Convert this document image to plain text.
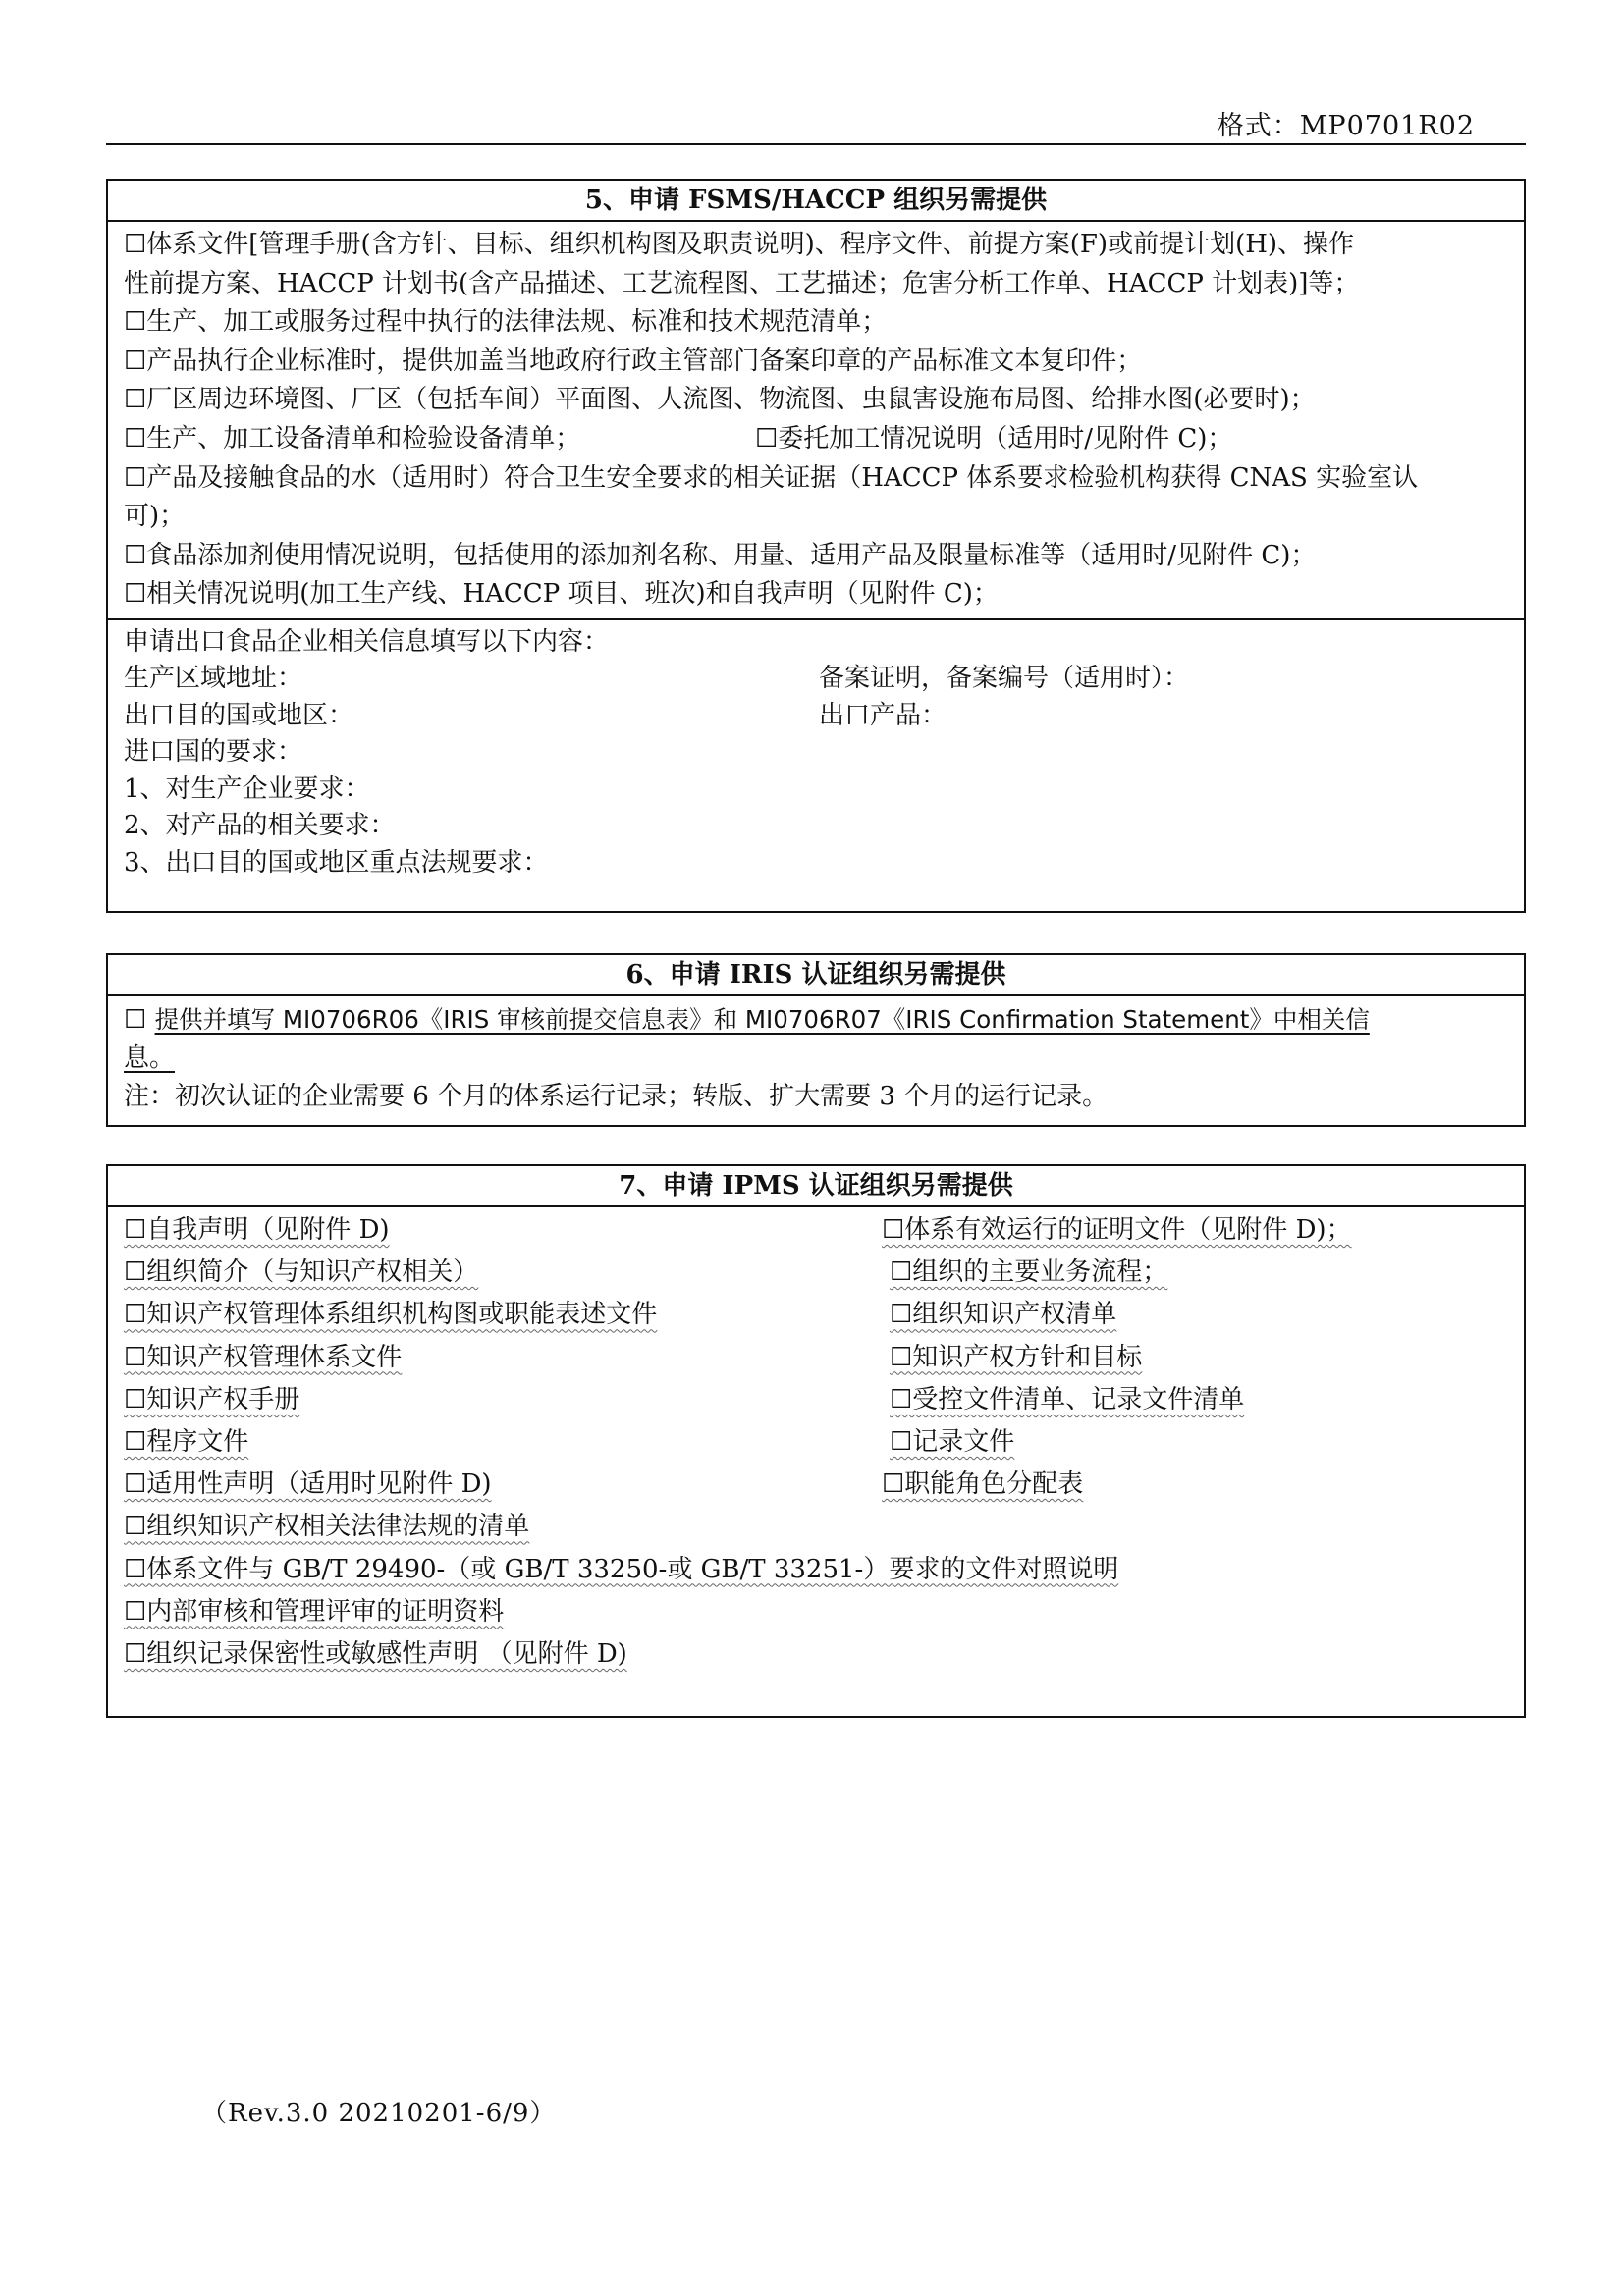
格式：MP0701R02
5、申请 FSMS/HACCP 组织另需提供
☐体系文件[管理手册(含方针、目标、组织机构图及职责说明)、程序文件、前提方案(F)或前提计划(H)、操作
性前提方案、HACCP 计划书(含产品描述、工艺流程图、工艺描述；危害分析工作单、HACCP 计划表)]等；
☐生产、加工或服务过程中执行的法律法规、标准和技术规范清单；
☐产品执行企业标准时，提供加盖当地政府行政主管部门备案印章的产品标准文本复印件；
☐厂区周边环境图、厂区（包括车间）平面图、人流图、物流图、虫鼠害设施布局图、给排水图(必要时)；
☐生产、加工设备清单和检验设备清单；	☐委托加工情况说明（适用时/见附件 C)；
☐产品及接触食品的水（适用时）符合卫生安全要求的相关证据（HACCP 体系要求检验机构获得 CNAS 实验室认
可)；
☐食品添加剂使用情况说明，包括使用的添加剂名称、用量、适用产品及限量标准等（适用时/见附件 C)；
☐相关情况说明(加工生产线、HACCP 项目、班次)和自我声明（见附件 C)；
申请出口食品企业相关信息填写以下内容：
生产区域地址：	备案证明，备案编号（适用时）：
出口目的国或地区：	出口产品：
进口国的要求：
1、对生产企业要求：
2、对产品的相关要求：
3、出口目的国或地区重点法规要求：
6、申请 IRIS 认证组织另需提供
☐ 提供并填写 MI0706R06《IRIS 审核前提交信息表》和 MI0706R07《IRIS Confirmation Statement》中相关信
息。
注：初次认证的企业需要 6 个月的体系运行记录；转版、扩大需要 3 个月的运行记录。
7、申请 IPMS 认证组织另需提供
☐自我声明（见附件 D)	☐体系有效运行的证明文件（见附件 D)；
☐组织简介（与知识产权相关）	☐组织的主要业务流程；
☐知识产权管理体系组织机构图或职能表述文件	☐组织知识产权清单
☐知识产权管理体系文件	☐知识产权方针和目标
☐知识产权手册	☐受控文件清单、记录文件清单
☐程序文件	☐记录文件
☐适用性声明（适用时见附件 D)	☐职能角色分配表
☐组织知识产权相关法律法规的清单
☐体系文件与 GB/T 29490-（或 GB/T 33250-或 GB/T 33251-）要求的文件对照说明
☐内部审核和管理评审的证明资料
☐组织记录保密性或敏感性声明 （见附件 D)
（Rev.3.0 20210201-6/9）
